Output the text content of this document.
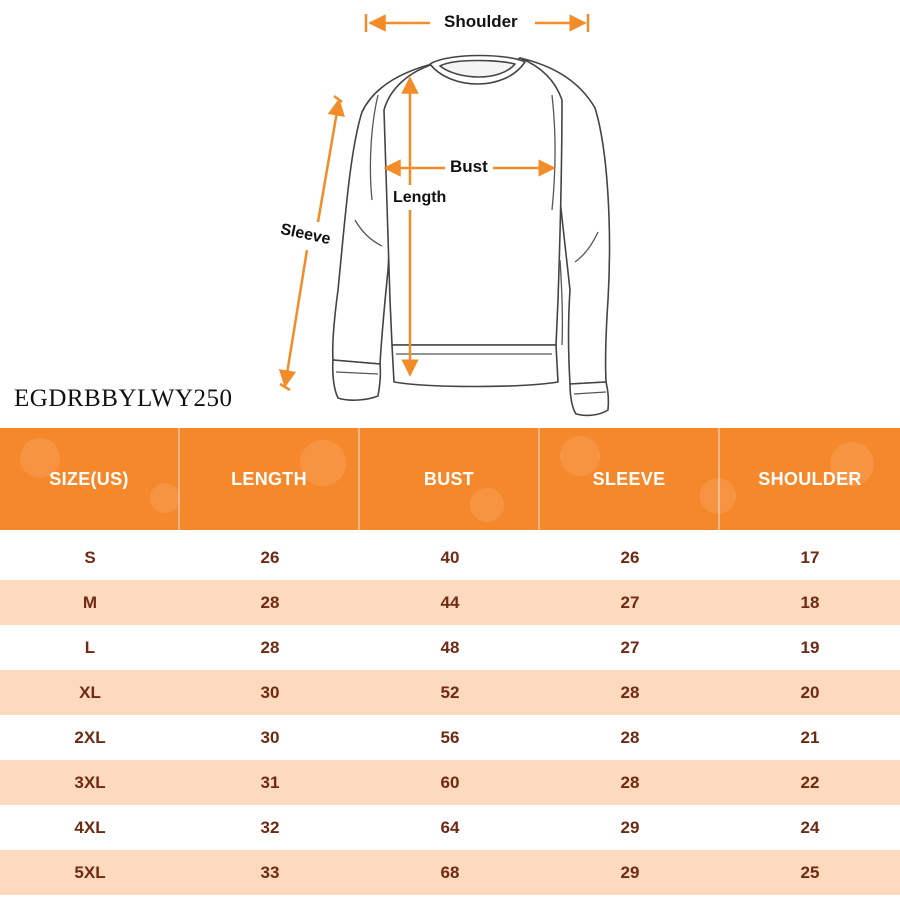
Shoulder
Bust
Length
Sleeve
EGDRBBYLWY250
SIZE(US)	LENGTH	BUST	SLEEVE	SHOULDER
S	26	40	26	17
M	28	44	27	18
L	28	48	27	19
XL	30	52	28	20
2XL	30	56	28	21
3XL	31	60	28	22
4XL	32	64	29	24
5XL	33	68	29	25
